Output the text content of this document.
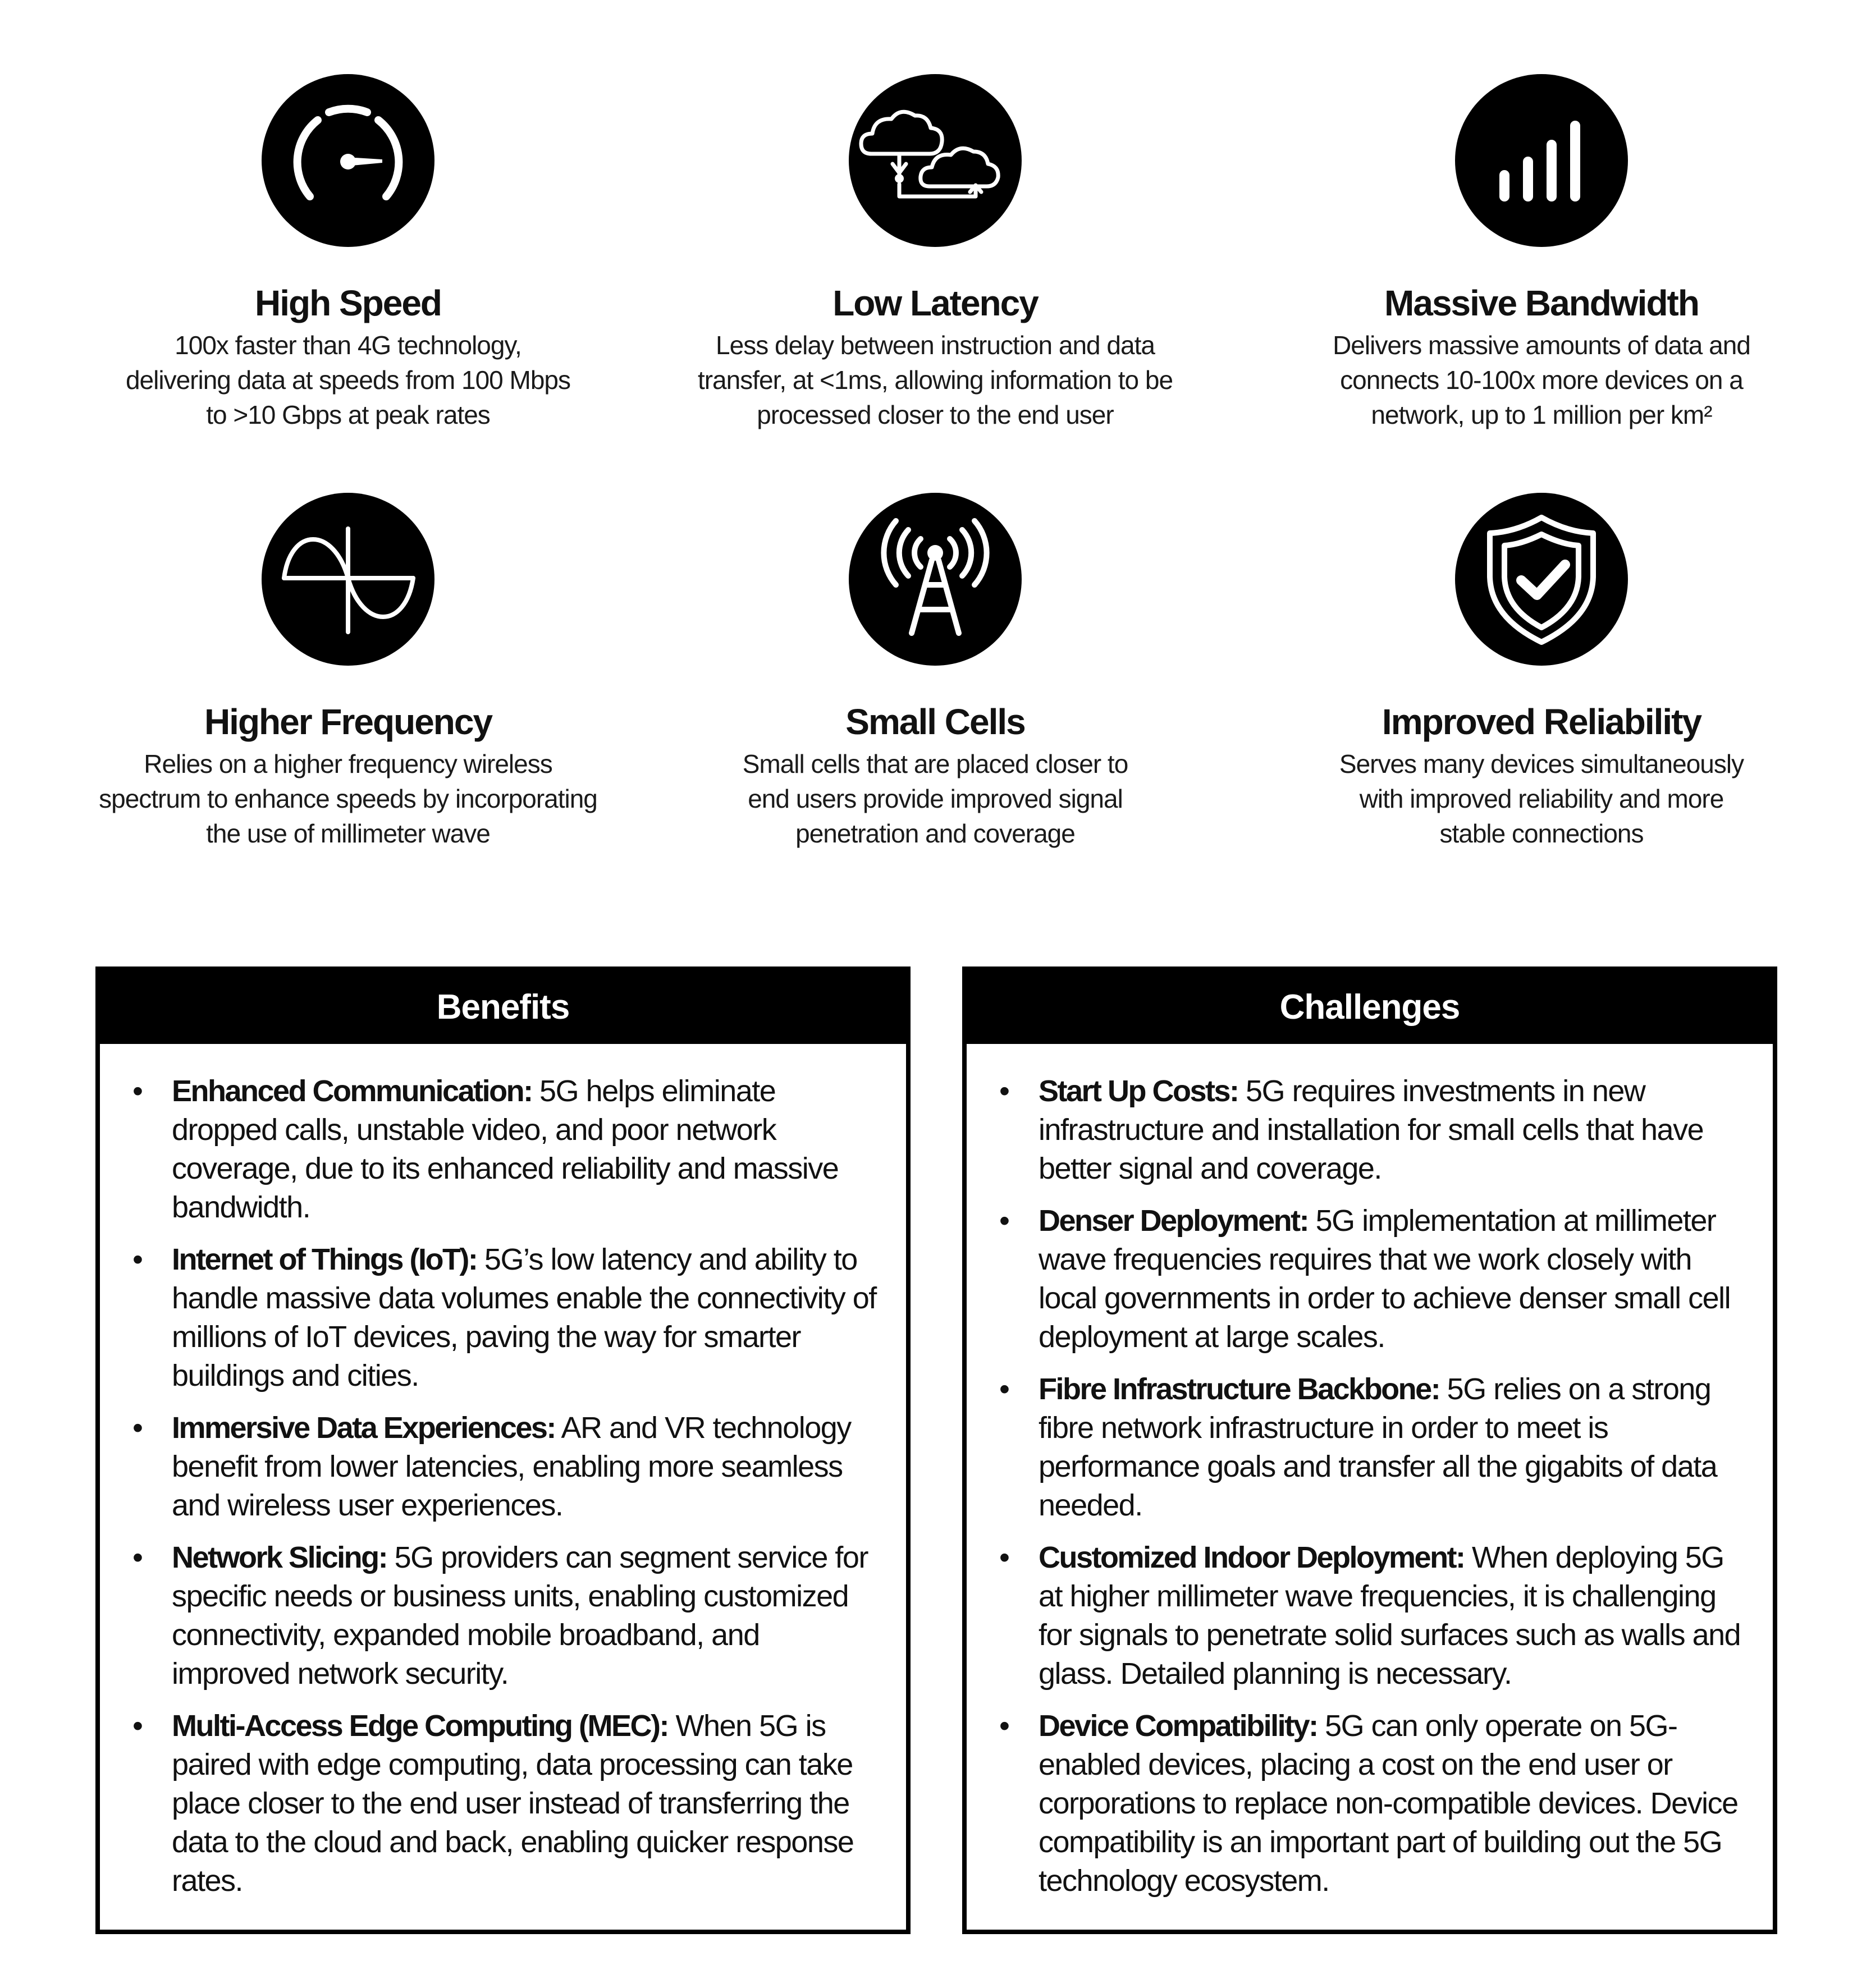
High Speed
100x faster than 4G technology,
delivering data at speeds from 100 Mbps
to >10 Gbps at peak rates
Low Latency
Less delay between instruction and data
transfer, at <1ms, allowing information to be
processed closer to the end user
Massive Bandwidth
Delivers massive amounts of data and
connects 10-100x more devices on a
network, up to 1 million per km²
Higher Frequency
Relies on a higher frequency wireless
spectrum to enhance speeds by incorporating
the use of millimeter wave
Small Cells
Small cells that are placed closer to
end users provide improved signal
penetration and coverage
Improved Reliability
Serves many devices simultaneously
with improved reliability and more
stable connections
Benefits
• Enhanced Communication: 5G helps eliminate dropped calls, unstable video, and poor network coverage, due to its enhanced reliability and massive bandwidth.
• Internet of Things (IoT): 5G’s low latency and ability to handle massive data volumes enable the connectivity of millions of IoT devices, paving the way for smarter buildings and cities.
• Immersive Data Experiences: AR and VR technology benefit from lower latencies, enabling more seamless and wireless user experiences.
• Network Slicing: 5G providers can segment service for specific needs or business units, enabling customized connectivity, expanded mobile broadband, and improved network security.
• Multi-Access Edge Computing (MEC): When 5G is paired with edge computing, data processing can take place closer to the end user instead of transferring the data to the cloud and back, enabling quicker response rates.
Challenges
• Start Up Costs: 5G requires investments in new infrastructure and installation for small cells that have better signal and coverage.
• Denser Deployment: 5G implementation at millimeter wave frequencies requires that we work closely with local governments in order to achieve denser small cell deployment at large scales.
• Fibre Infrastructure Backbone: 5G relies on a strong fibre network infrastructure in order to meet is performance goals and transfer all the gigabits of data needed.
• Customized Indoor Deployment: When deploying 5G at higher millimeter wave frequencies, it is challenging for signals to penetrate solid surfaces such as walls and glass. Detailed planning is necessary.
• Device Compatibility: 5G can only operate on 5G-enabled devices, placing a cost on the end user or corporations to replace non-compatible devices. Device compatibility is an important part of building out the 5G technology ecosystem.
